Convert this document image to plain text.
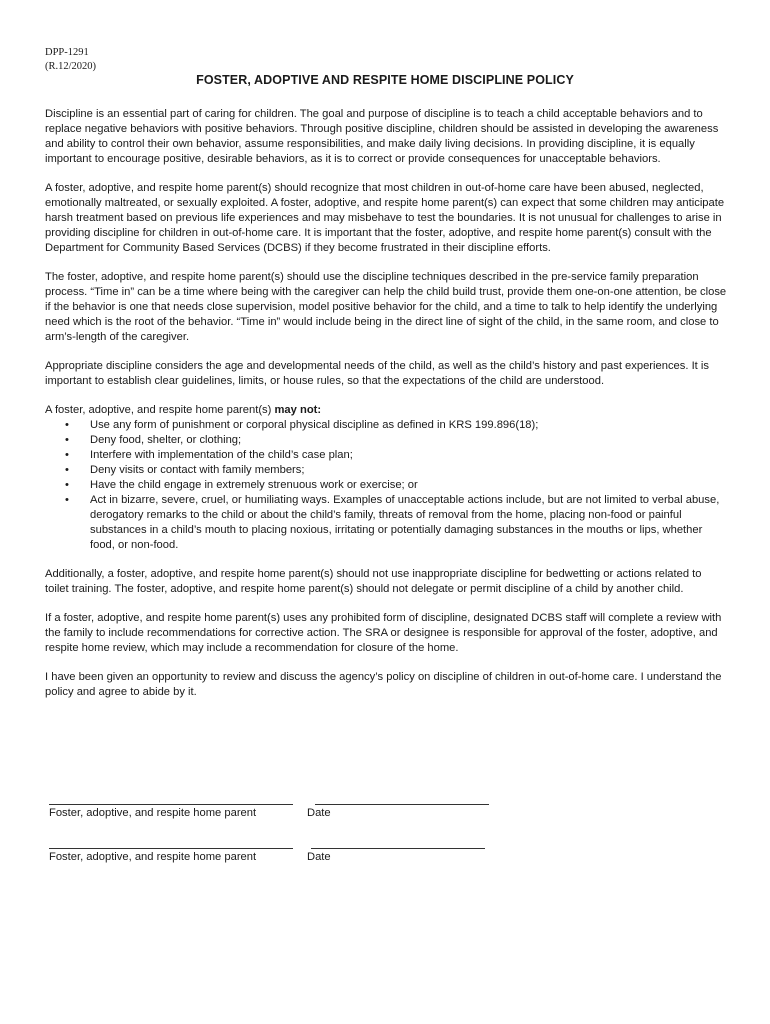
DPP-1291
(R.12/2020)
FOSTER, ADOPTIVE AND RESPITE HOME DISCIPLINE POLICY

Discipline is an essential part of caring for children. The goal and purpose of discipline is to teach a child acceptable behaviors and to replace negative behaviors with positive behaviors. Through positive discipline, children should be assisted in developing the awareness and ability to control their own behavior, assume responsibilities, and make daily living decisions. In providing discipline, it is equally important to encourage positive, desirable behaviors, as it is to correct or provide consequences for unacceptable behaviors.

A foster, adoptive, and respite home parent(s) should recognize that most children in out-of-home care have been abused, neglected, emotionally maltreated, or sexually exploited. A foster, adoptive, and respite home parent(s) can expect that some children may anticipate harsh treatment based on previous life experiences and may misbehave to test the boundaries. It is not unusual for challenges to arise in providing discipline for children in out-of-home care. It is important that the foster, adoptive, and respite home parent(s) consult with the Department for Community Based Services (DCBS) if they become frustrated in their discipline efforts.

The foster, adoptive, and respite home parent(s) should use the discipline techniques described in the pre-service family preparation process. “Time in” can be a time where being with the caregiver can help the child build trust, provide them one-on-one attention, be close if the behavior is one that needs close supervision, model positive behavior for the child, and a time to talk to help identify the underlying need which is the root of the behavior. “Time in” would include being in the direct line of sight of the child, in the same room, and close to arm’s-length of the caregiver.

Appropriate discipline considers the age and developmental needs of the child, as well as the child’s history and past experiences. It is important to establish clear guidelines, limits, or house rules, so that the expectations of the child are understood.

A foster, adoptive, and respite home parent(s) may not:

• Use any form of punishment or corporal physical discipline as defined in KRS 199.896(18);
• Deny food, shelter, or clothing;
• Interfere with implementation of the child’s case plan;
• Deny visits or contact with family members;
• Have the child engage in extremely strenuous work or exercise; or
• Act in bizarre, severe, cruel, or humiliating ways. Examples of unacceptable actions include, but are not limited to verbal abuse, derogatory remarks to the child or about the child’s family, threats of removal from the home, placing non-food or painful substances in a child’s mouth to placing noxious, irritating or potentially damaging substances in the mouths or lips, whether food, or non-food.

Additionally, a foster, adoptive, and respite home parent(s) should not use inappropriate discipline for bedwetting or actions related to toilet training. The foster, adoptive, and respite home parent(s) should not delegate or permit discipline of a child by another child.

If a foster, adoptive, and respite home parent(s) uses any prohibited form of discipline, designated DCBS staff will complete a review with the family to include recommendations for corrective action. The SRA or designee is responsible for approval of the foster, adoptive, and respite home review, which may include a recommendation for closure of the home.

I have been given an opportunity to review and discuss the agency’s policy on discipline of children in out-of-home care. I understand the policy and agree to abide by it.

Foster, adoptive, and respite home parent	Date
Foster, adoptive, and respite home parent	Date
